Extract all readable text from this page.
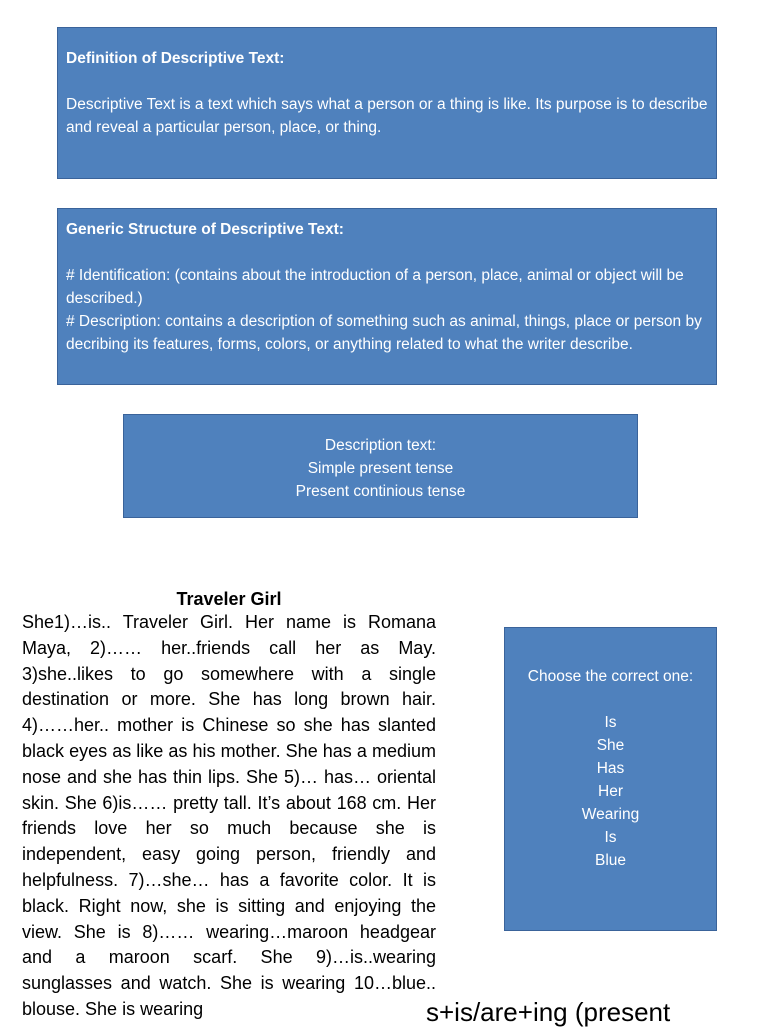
Definition of Descriptive Text:
Descriptive Text is a text which says what a person or a thing is like. Its purpose is to describe and reveal a particular person, place, or thing.
Generic Structure of Descriptive Text:
# Identification: (contains about the introduction of a person, place, animal or object will be described.)
# Description: contains a description of something such as animal, things, place or person by decribing its features, forms, colors, or anything related to what the writer describe.
Description text:
Simple present tense
Present continious tense
Traveler Girl
She1)…is.. Traveler Girl. Her name is Romana Maya, 2)…… her..friends call her as May. 3)she..likes to go somewhere with a single destination or more. She has long brown hair. 4)……her.. mother is Chinese so she has slanted black eyes as like as his mother. She has a medium nose and she has thin lips. She 5)… has… oriental skin. She 6)is…… pretty tall. It’s about 168 cm. Her friends love her so much because she is independent, easy going person, friendly and helpfulness. 7)…she… has a favorite color. It is black. Right now, she is sitting and enjoying the view. She is 8)…… wearing…maroon headgear and a maroon scarf. She 9)…is..wearing sunglasses and watch. She is wearing 10…blue.. blouse. She is wearing
Choose the correct one:
Is
She
Has
Her
Wearing
Is
Blue
s+is/are+ing (present
